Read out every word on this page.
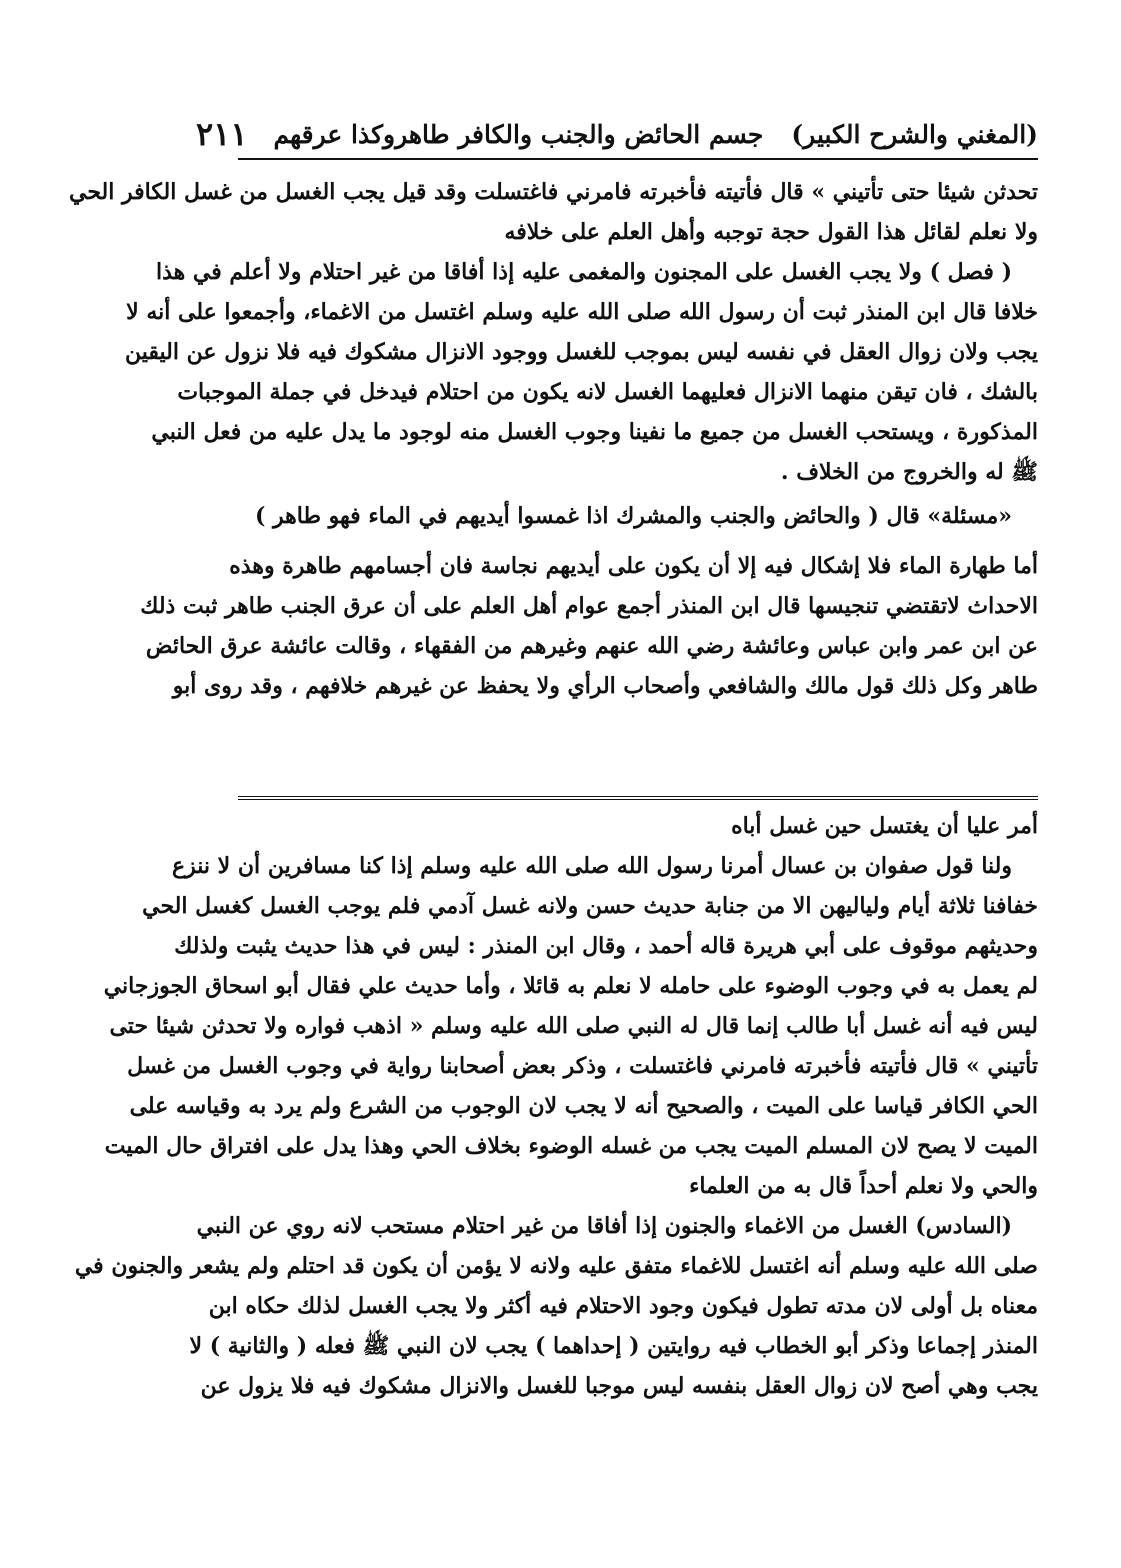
(المغني والشرح الكبير)
جسم الحائض والجنب والكافر طاهروكذا عرقهم
٢١١
تحدثن شيئا حتى تأتيني » قال فأتيته فأخبرته فامرني فاغتسلت وقد قيل يجب الغسل من غسل الكافر الحي
ولا نعلم لقائل هذا القول حجة توجبه وأهل العلم على خلافه
( فصل ) ولا يجب الغسل على المجنون والمغمى عليه إذا أفاقا من غير احتلام ولا أعلم في هذا
خلافا قال ابن المنذر ثبت أن رسول الله صلى الله عليه وسلم اغتسل من الاغماء، وأجمعوا على أنه لا
يجب ولان زوال العقل في نفسه ليس بموجب للغسل ووجود الانزال مشكوك فيه فلا نزول عن اليقين
بالشك ، فان تيقن منهما الانزال فعليهما الغسل لانه يكون من احتلام فيدخل في جملة الموجبات
المذكورة ، ويستحب الغسل من جميع ما نفينا وجوب الغسل منه لوجود ما يدل عليه من فعل النبي
ﷺ له والخروج من الخلاف .
«مسئلة» قال ( والحائض والجنب والمشرك اذا غمسوا أيديهم في الماء فهو طاهر )
أما طهارة الماء فلا إشكال فيه إلا أن يكون على أيديهم نجاسة فان أجسامهم طاهرة وهذه
الاحداث لاتقتضي تنجيسها قال ابن المنذر أجمع عوام أهل العلم على أن عرق الجنب طاهر ثبت ذلك
عن ابن عمر وابن عباس وعائشة رضي الله عنهم وغيرهم من الفقهاء ، وقالت عائشة عرق الحائض
طاهر وكل ذلك قول مالك والشافعي وأصحاب الرأي ولا يحفظ عن غيرهم خلافهم ، وقد روى أبو
أمر عليا أن يغتسل حين غسل أباه
ولنا قول صفوان بن عسال أمرنا رسول الله صلى الله عليه وسلم إذا كنا مسافرين أن لا ننزع
خفافنا ثلاثة أيام ولياليهن الا من جنابة حديث حسن ولانه غسل آدمي فلم يوجب الغسل كغسل الحي
وحديثهم موقوف على أبي هريرة قاله أحمد ، وقال ابن المنذر : ليس في هذا حديث يثبت ولذلك
لم يعمل به في وجوب الوضوء على حامله لا نعلم به قائلا ، وأما حديث علي فقال أبو اسحاق الجوزجاني
ليس فيه أنه غسل أبا طالب إنما قال له النبي صلى الله عليه وسلم « اذهب فواره ولا تحدثن شيئا حتى
تأتيني » قال فأتيته فأخبرته فامرني فاغتسلت ، وذكر بعض أصحابنا رواية في وجوب الغسل من غسل
الحي الكافر قياسا على الميت ، والصحيح أنه لا يجب لان الوجوب من الشرع ولم يرد به وقياسه على
الميت لا يصح لان المسلم الميت يجب من غسله الوضوء بخلاف الحي وهذا يدل على افتراق حال الميت
والحي ولا نعلم أحداً قال به من العلماء
(السادس) الغسل من الاغماء والجنون إذا أفاقا من غير احتلام مستحب لانه روي عن النبي
صلى الله عليه وسلم أنه اغتسل للاغماء متفق عليه ولانه لا يؤمن أن يكون قد احتلم ولم يشعر والجنون في
معناه بل أولى لان مدته تطول فيكون وجود الاحتلام فيه أكثر ولا يجب الغسل لذلك حكاه ابن
المنذر إجماعا وذكر أبو الخطاب فيه روايتين ( إحداهما ) يجب لان النبي ﷺ فعله ( والثانية ) لا
يجب وهي أصح لان زوال العقل بنفسه ليس موجبا للغسل والانزال مشكوك فيه فلا يزول عن
